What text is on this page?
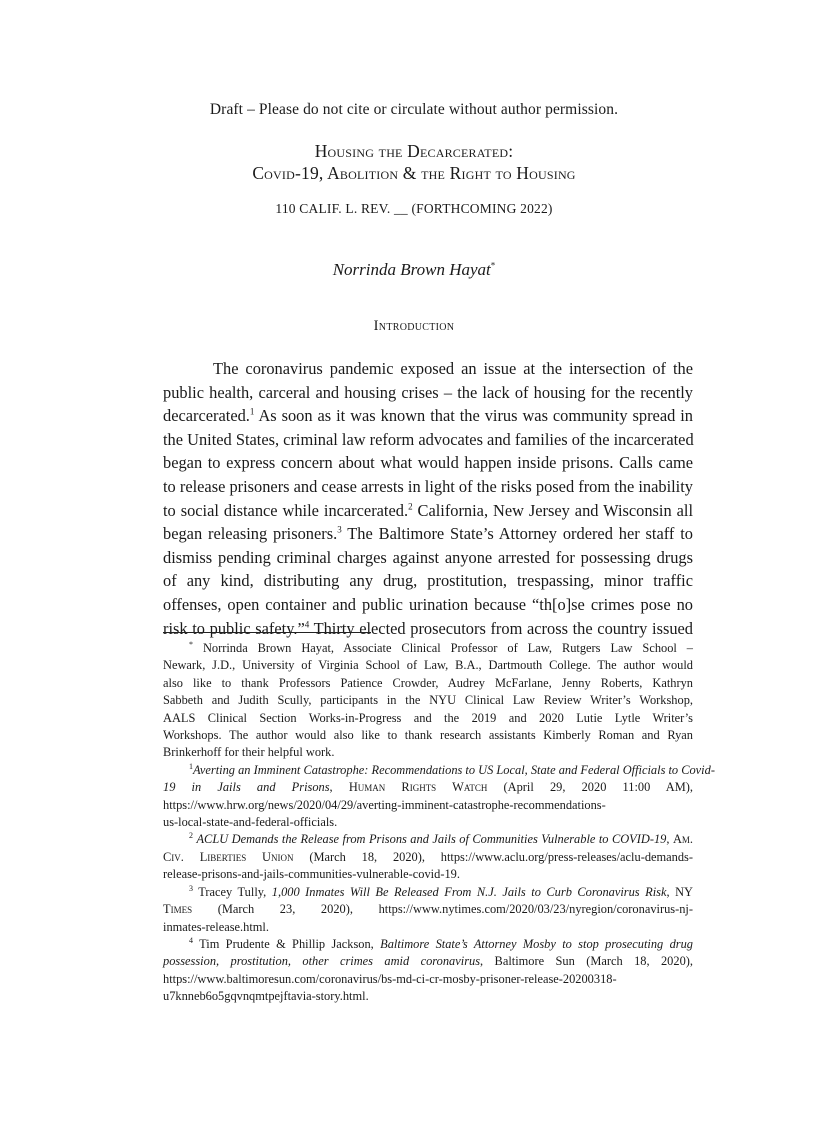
Draft – Please do not cite or circulate without author permission.
Housing the Decarcerated:
Covid-19, Abolition & the Right to Housing
110 CALIF. L. REV. __ (FORTHCOMING 2022)
Norrinda Brown Hayat*
Introduction
The coronavirus pandemic exposed an issue at the intersection of the
public health, carceral and housing crises – the lack of housing for the recently
decarcerated.$^1$ As soon as it was known that the virus was community spread in
the United States, criminal law reform advocates and families of the incarcerated
began to express concern about what would happen inside prisons. Calls came
to release prisoners and cease arrests in light of the risks posed from the inability
to social distance while incarcerated.$^2$ California, New Jersey and Wisconsin all
began releasing prisoners.$^3$ The Baltimore State’s Attorney ordered her staff to
dismiss pending criminal charges against anyone arrested for possessing drugs
of any kind, distributing any drug, prostitution, trespassing, minor traffic
offenses, open container and public urination because “th[o]se crimes pose no
risk to public safety.”$^4$ Thirty elected prosecutors from across the country issued
* Norrinda Brown Hayat, Associate Clinical Professor of Law, Rutgers Law School –
Newark, J.D., University of Virginia School of Law, B.A., Dartmouth College. The author would
also like to thank Professors Patience Crowder, Audrey McFarlane, Jenny Roberts, Kathryn
Sabbeth and Judith Scully, participants in the NYU Clinical Law Review Writer’s Workshop,
AALS Clinical Section Works-in-Progress and the 2019 and 2020 Lutie Lytle Writer’s
Workshops. The author would also like to thank research assistants Kimberly Roman and Ryan
Brinkerhoff for their helpful work.
$^1$Averting an Imminent Catastrophe: Recommendations to US Local, State and Federal Officials to Covid-
19 in Jails and Prisons, Human Rights Watch (April 29, 2020 11:00 AM),
https://www.hrw.org/news/2020/04/29/averting-imminent-catastrophe-recommendations-
us-local-state-and-federal-officials.
$^2$ ACLU Demands the Release from Prisons and Jails of Communities Vulnerable to COVID-19, Am.
Civ. Liberties Union (March 18, 2020), https://www.aclu.org/press-releases/aclu-demands-
release-prisons-and-jails-communities-vulnerable-covid-19.
$^3$ Tracey Tully, 1,000 Inmates Will Be Released From N.J. Jails to Curb Coronavirus Risk, NY
Times (March 23, 2020), https://www.nytimes.com/2020/03/23/nyregion/coronavirus-nj-
inmates-release.html.
$^4$ Tim Prudente & Phillip Jackson, Baltimore State’s Attorney Mosby to stop prosecuting drug
possession, prostitution, other crimes amid coronavirus, Baltimore Sun (March 18, 2020),
https://www.baltimoresun.com/coronavirus/bs-md-ci-cr-mosby-prisoner-release-20200318-
u7knneb6o5gqvnqmtpejftavia-story.html.
